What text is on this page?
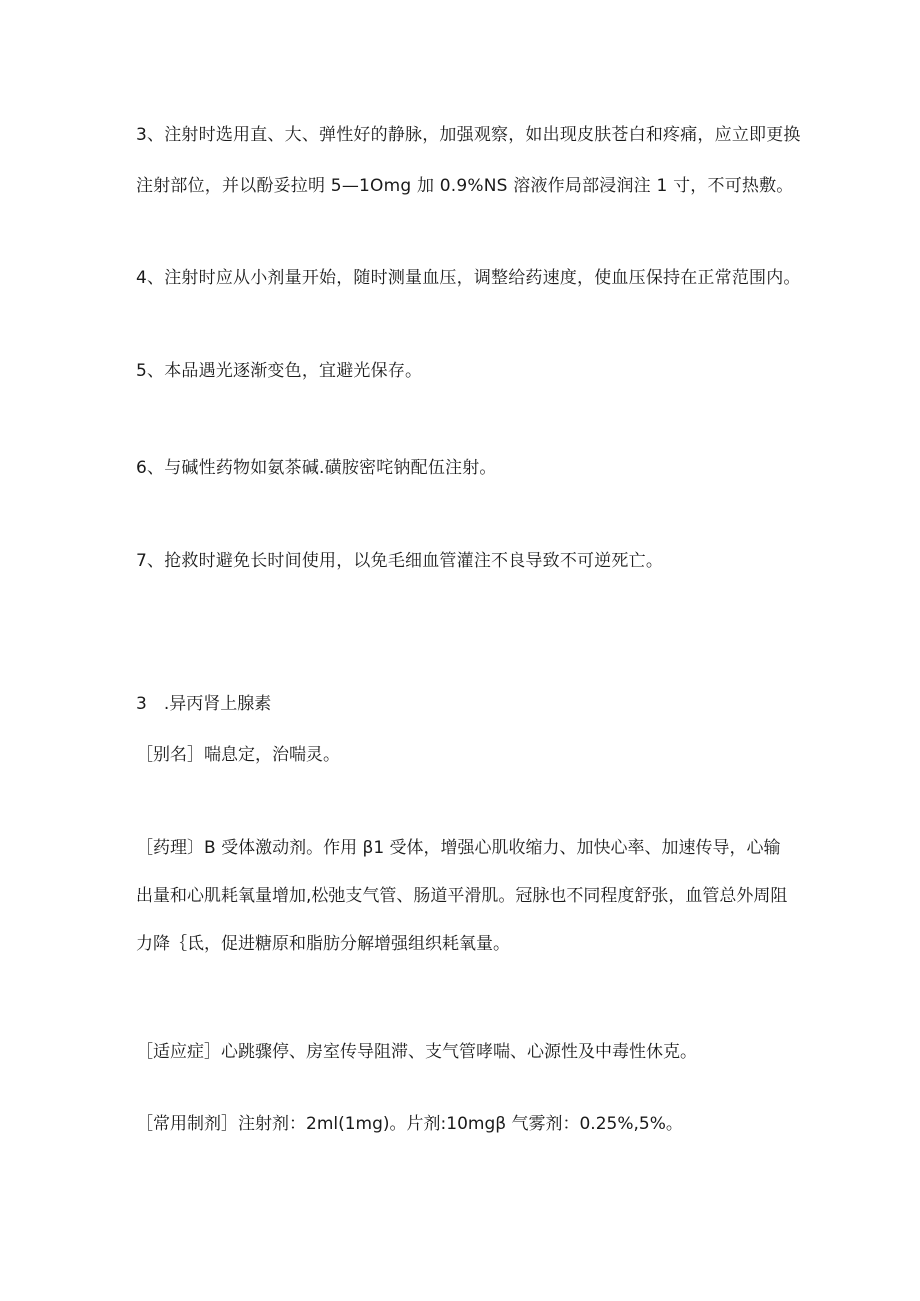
3、注射时选用直、大、弹性好的静脉，加强观察，如出现皮肤苍白和疼痛，应立即更换
注射部位，并以酚妥拉明 5—1Omg 加 0.9%NS 溶液作局部浸润注 1 寸，不可热敷。
4、注射时应从小剂量开始，随时测量血压，调整给药速度，使血压保持在正常范围内。
5、本品遇光逐渐变色，宜避光保存。
6、与碱性药物如氨茶碱.磺胺密咤钠配伍注射。
7、抢救时避免长时间使用，以免毛细血管灌注不良导致不可逆死亡。
3　.异丙肾上腺素
［别名］喘息定，治喘灵。
［药理〕B 受体激动剂。作用 β1 受体，增强心肌收缩力、加快心率、加速传导，心输
出量和心肌耗氧量增加,松弛支气管、肠道平滑肌。冠脉也不同程度舒张，血管总外周阻
力降｛氐，促进糖原和脂肪分解增强组织耗氧量。
［适应症］心跳骤停、房室传导阻滞、支气管哮喘、心源性及中毒性休克。
［常用制剂］注射剂：2ml(1mg)。片剂:10mgβ 气雾剂：0.25%,5%。
